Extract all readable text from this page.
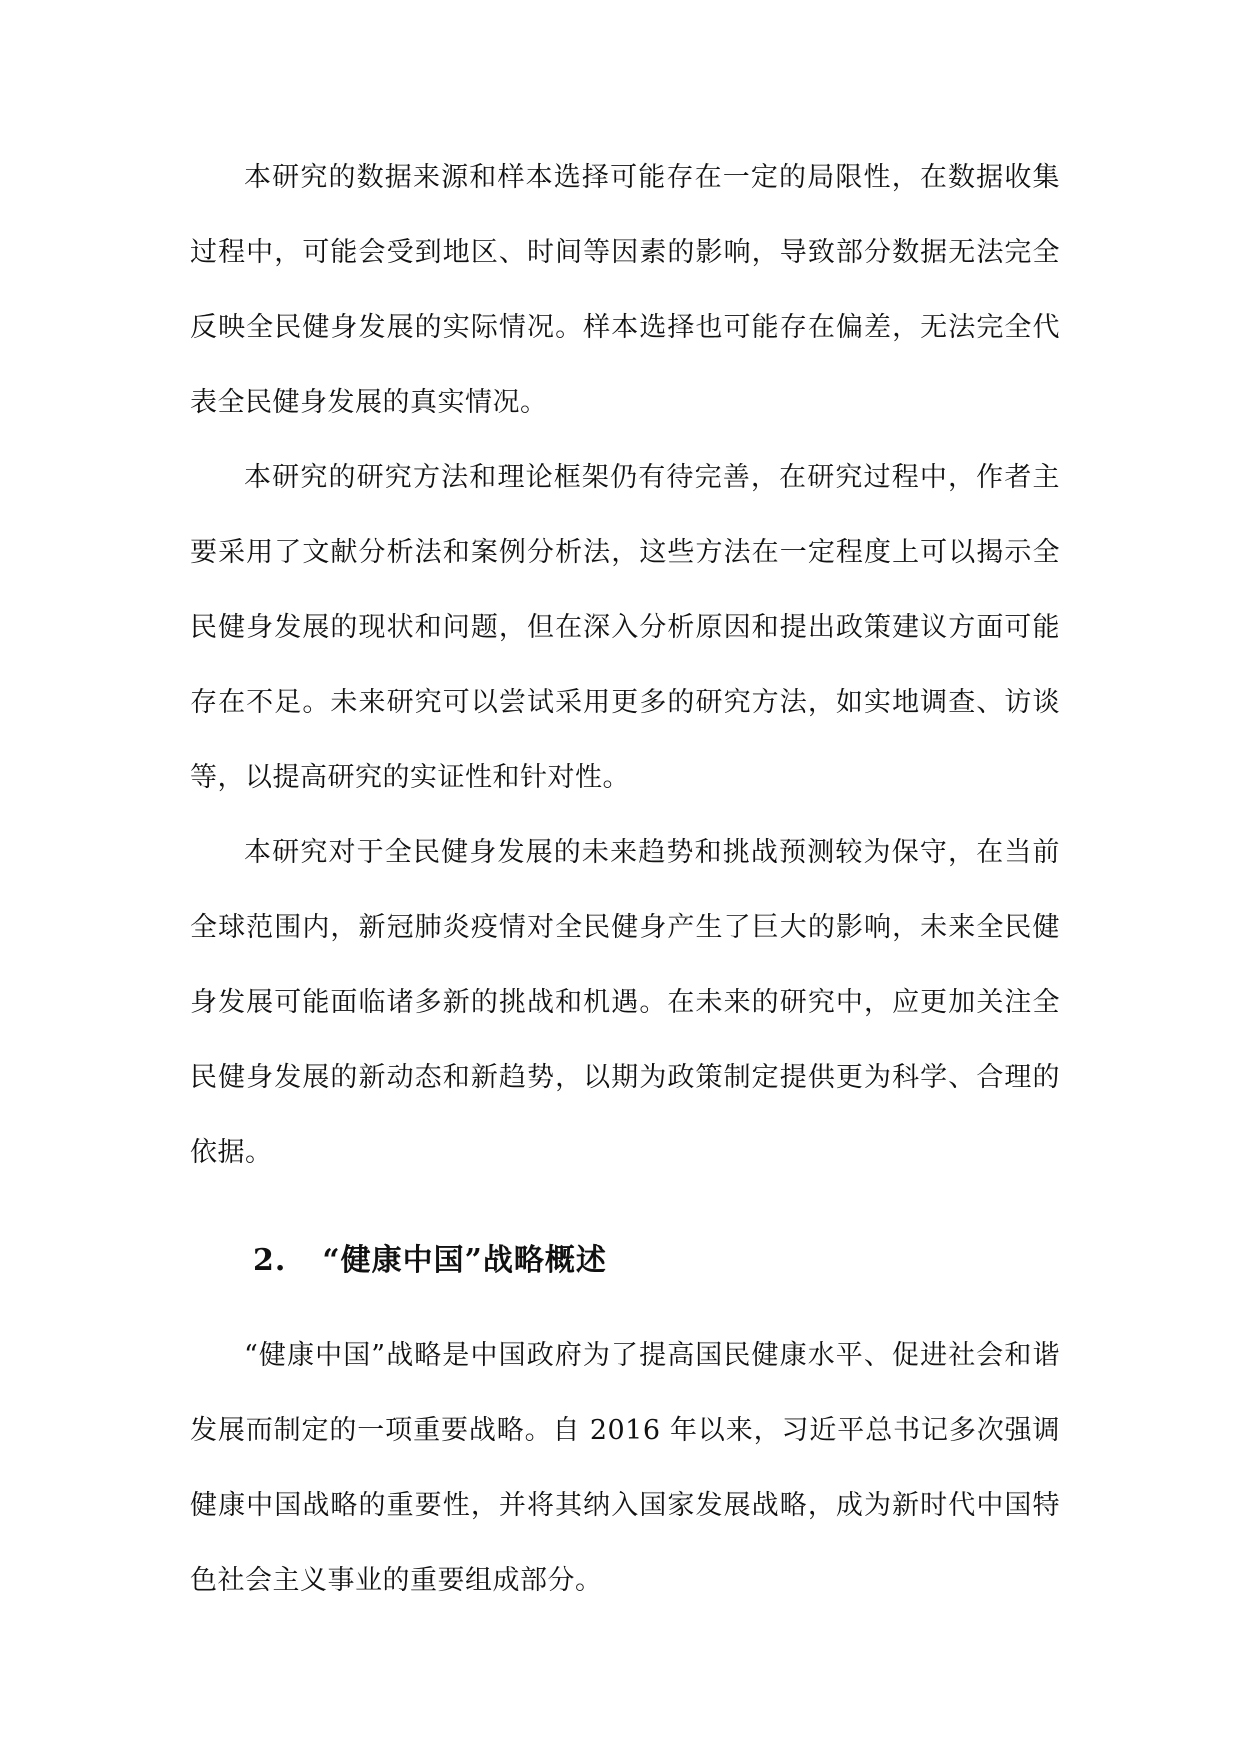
本研究的数据来源和样本选择可能存在一定的局限性，在数据收集过程中，可能会受到地区、时间等因素的影响，导致部分数据无法完全反映全民健身发展的实际情况。样本选择也可能存在偏差，无法完全代表全民健身发展的真实情况。

本研究的研究方法和理论框架仍有待完善，在研究过程中，作者主要采用了文献分析法和案例分析法，这些方法在一定程度上可以揭示全民健身发展的现状和问题，但在深入分析原因和提出政策建议方面可能存在不足。未来研究可以尝试采用更多的研究方法，如实地调查、访谈等，以提高研究的实证性和针对性。

本研究对于全民健身发展的未来趋势和挑战预测较为保守，在当前全球范围内，新冠肺炎疫情对全民健身产生了巨大的影响，未来全民健身发展可能面临诸多新的挑战和机遇。在未来的研究中，应更加关注全民健身发展的新动态和新趋势，以期为政策制定提供更为科学、合理的依据。

2. “健康中国”战略概述

“健康中国”战略是中国政府为了提高国民健康水平、促进社会和谐发展而制定的一项重要战略。自 2016 年以来，习近平总书记多次强调健康中国战略的重要性，并将其纳入国家发展战略，成为新时代中国特色社会主义事业的重要组成部分。
